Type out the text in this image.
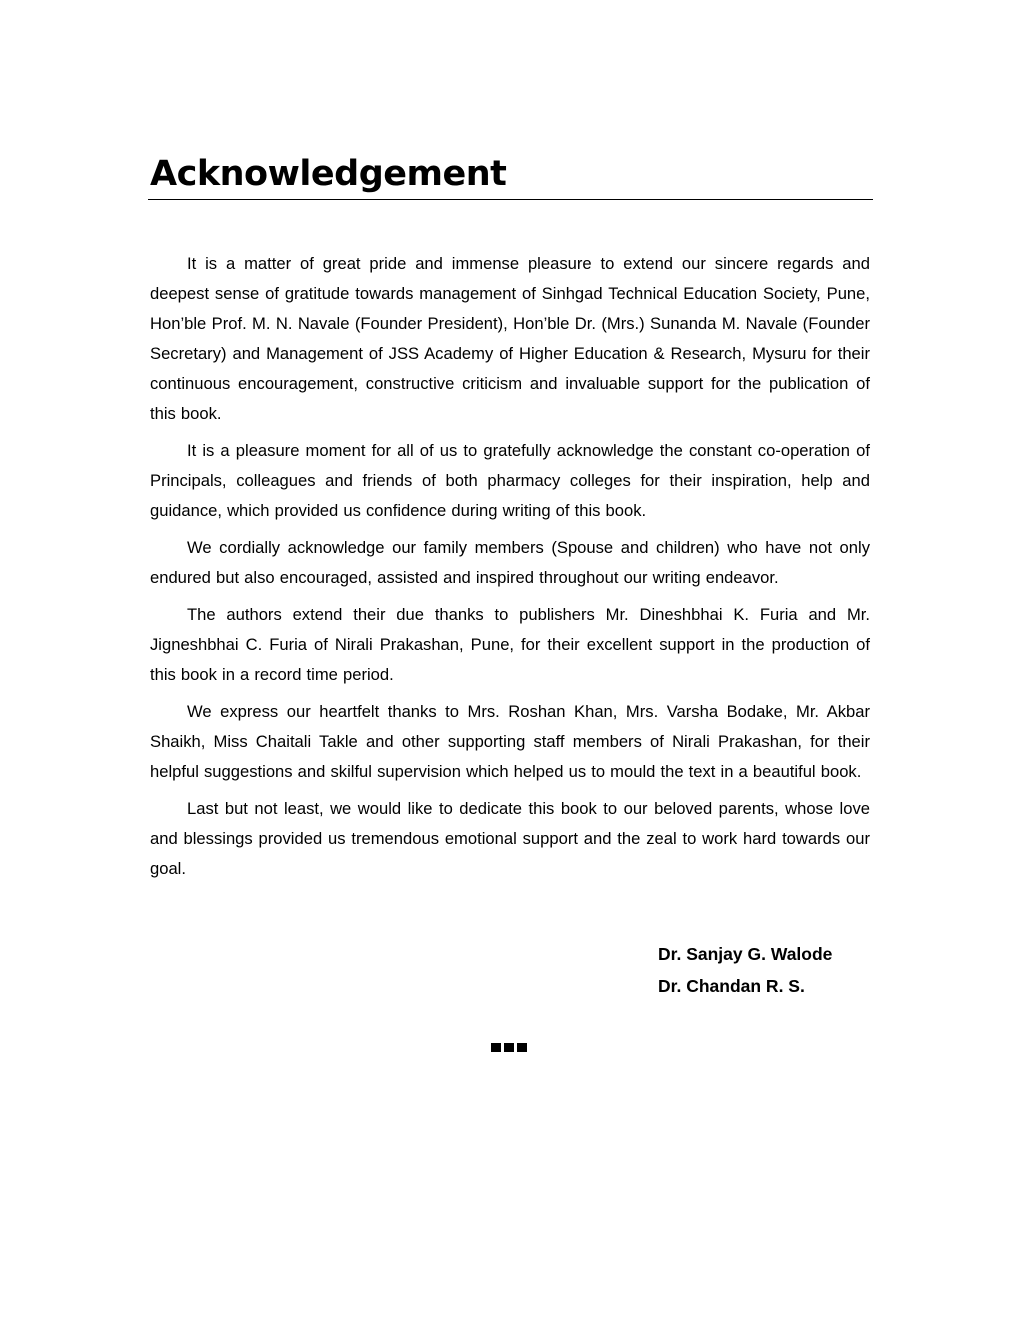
Acknowledgement

It is a matter of great pride and immense pleasure to extend our sincere regards and deepest sense of gratitude towards management of Sinhgad Technical Education Society, Pune, Hon’ble Prof. M. N. Navale (Founder President), Hon’ble Dr. (Mrs.) Sunanda M. Navale (Founder Secretary) and Management of JSS Academy of Higher Education & Research, Mysuru for their continuous encouragement, constructive criticism and invaluable support for the publication of this book.

It is a pleasure moment for all of us to gratefully acknowledge the constant co-operation of Principals, colleagues and friends of both pharmacy colleges for their inspiration, help and guidance, which provided us confidence during writing of this book.

We cordially acknowledge our family members (Spouse and children) who have not only endured but also encouraged, assisted and inspired throughout our writing endeavor.

The authors extend their due thanks to publishers Mr. Dineshbhai K. Furia and Mr. Jigneshbhai C. Furia of Nirali Prakashan, Pune, for their excellent support in the production of this book in a record time period.

We express our heartfelt thanks to Mrs. Roshan Khan, Mrs. Varsha Bodake, Mr. Akbar Shaikh, Miss Chaitali Takle and other supporting staff members of Nirali Prakashan, for their helpful suggestions and skilful supervision which helped us to mould the text in a beautiful book.

Last but not least, we would like to dedicate this book to our beloved parents, whose love and blessings provided us tremendous emotional support and the zeal to work hard towards our goal.

Dr. Sanjay G. Walode
Dr. Chandan R. S.
